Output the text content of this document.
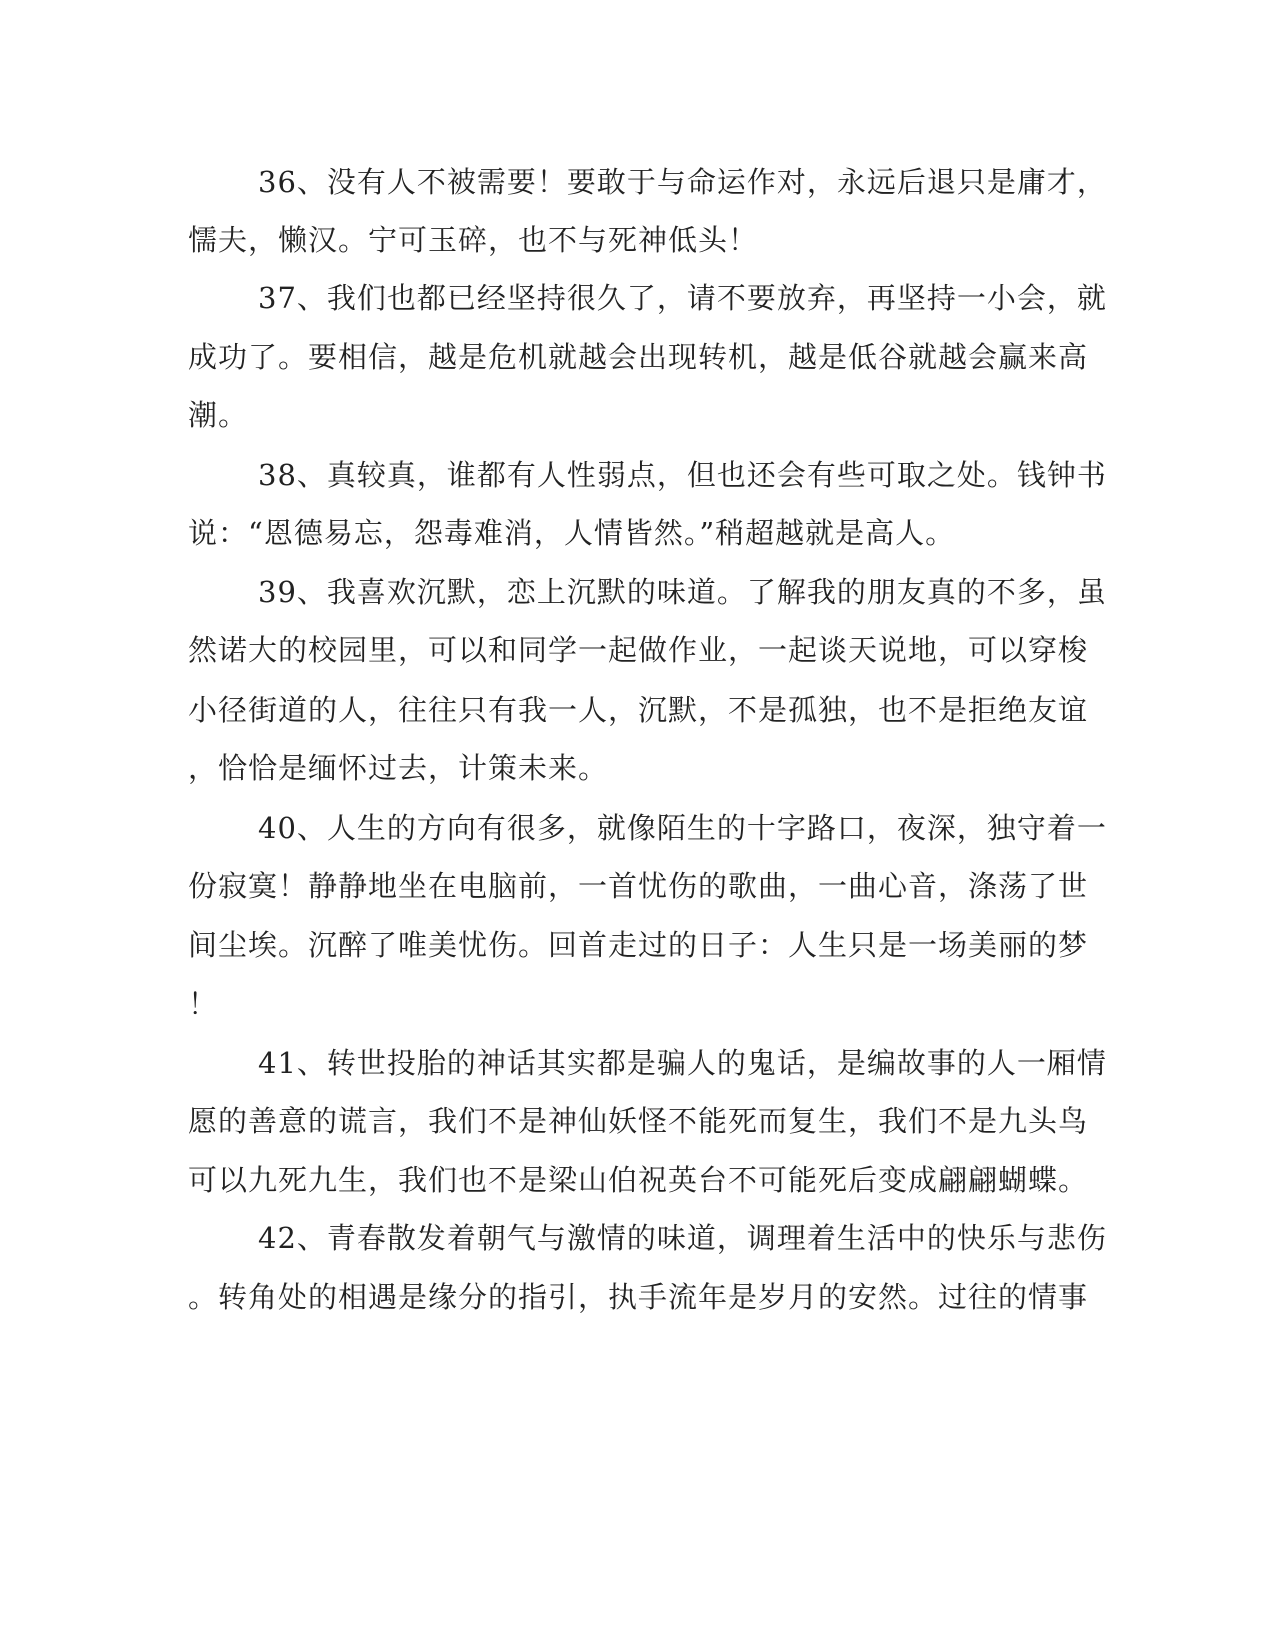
36、没有人不被需要！要敢于与命运作对，永远后退只是庸才，
懦夫，懒汉。宁可玉碎，也不与死神低头！
37、我们也都已经坚持很久了，请不要放弃，再坚持一小会，就
成功了。要相信，越是危机就越会出现转机，越是低谷就越会赢来高
潮。
38、真较真，谁都有人性弱点，但也还会有些可取之处。钱钟书
说：“恩德易忘，怨毒难消，人情皆然。”稍超越就是高人。
39、我喜欢沉默，恋上沉默的味道。了解我的朋友真的不多，虽
然诺大的校园里，可以和同学一起做作业，一起谈天说地，可以穿梭
小径街道的人，往往只有我一人，沉默，不是孤独，也不是拒绝友谊
，恰恰是缅怀过去，计策未来。
40、人生的方向有很多，就像陌生的十字路口，夜深，独守着一
份寂寞！静静地坐在电脑前，一首忧伤的歌曲，一曲心音，涤荡了世
间尘埃。沉醉了唯美忧伤。回首走过的日子：人生只是一场美丽的梦
！
41、转世投胎的神话其实都是骗人的鬼话，是编故事的人一厢情
愿的善意的谎言，我们不是神仙妖怪不能死而复生，我们不是九头鸟
可以九死九生，我们也不是梁山伯祝英台不可能死后变成翩翩蝴蝶。
42、青春散发着朝气与激情的味道，调理着生活中的快乐与悲伤
。转角处的相遇是缘分的指引，执手流年是岁月的安然。过往的情事
